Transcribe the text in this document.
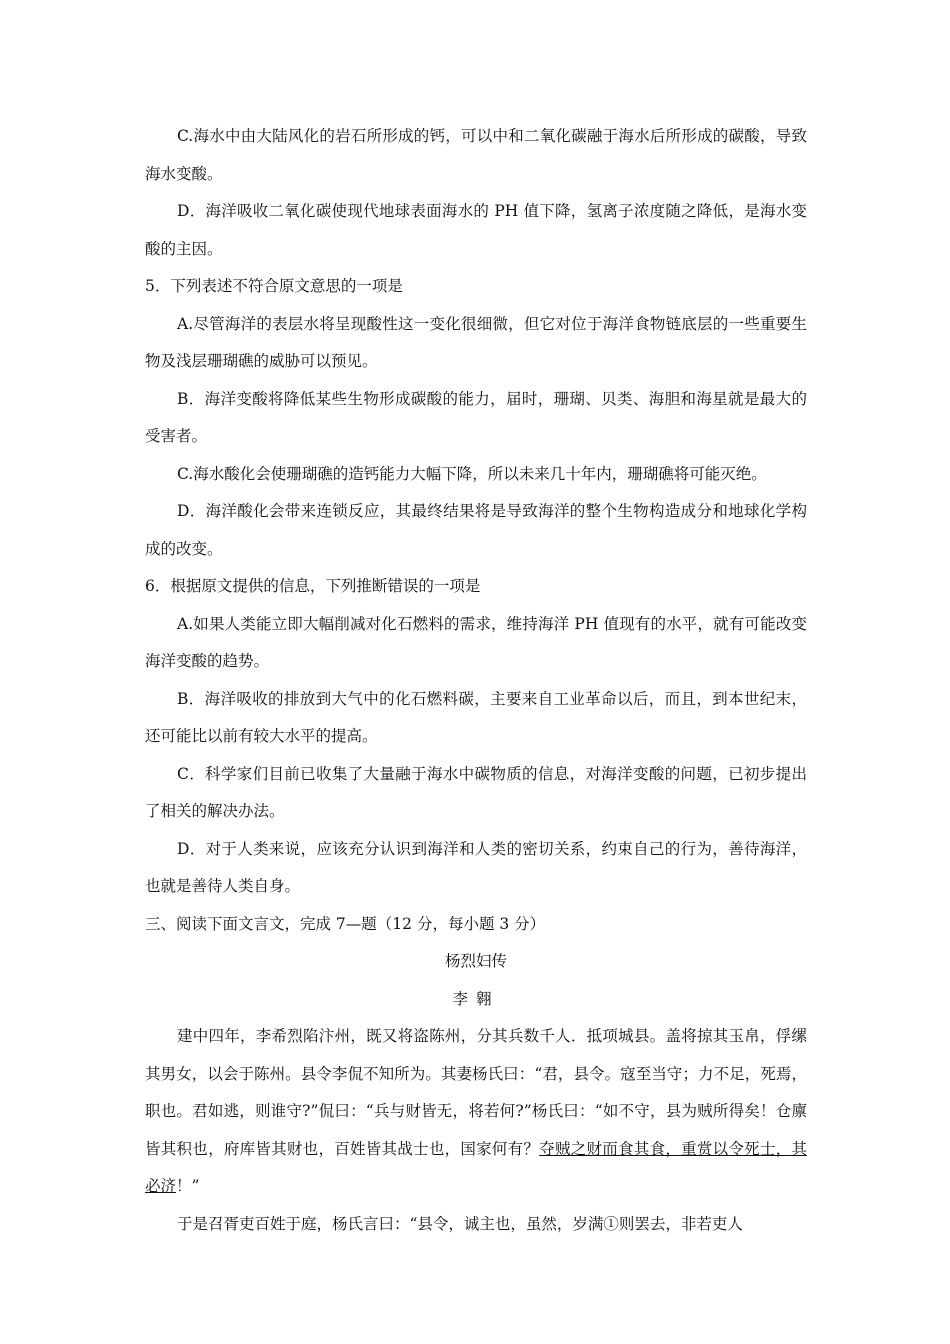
C.海水中由大陆风化的岩石所形成的钙，可以中和二氧化碳融于海水后所形成的碳酸，导致海水变酸。

D．海洋吸收二氧化碳使现代地球表面海水的 PH 值下降，氢离子浓度随之降低，是海水变酸的主因。

5．下列表述不符合原文意思的一项是

A.尽管海洋的表层水将呈现酸性这一变化很细微，但它对位于海洋食物链底层的一些重要生物及浅层珊瑚礁的威胁可以预见。

B．海洋变酸将降低某些生物形成碳酸的能力，届时，珊瑚、贝类、海胆和海星就是最大的受害者。

C.海水酸化会使珊瑚礁的造钙能力大幅下降，所以未来几十年内，珊瑚礁将可能灭绝。

D．海洋酸化会带来连锁反应，其最终结果将是导致海洋的整个生物构造成分和地球化学构成的改变。

6．根据原文提供的信息，下列推断错误的一项是

A.如果人类能立即大幅削减对化石燃料的需求，维持海洋 PH 值现有的水平，就有可能改变海洋变酸的趋势。

B．海洋吸收的排放到大气中的化石燃料碳，主要来自工业革命以后，而且，到本世纪末，还可能比以前有较大水平的提高。

C．科学家们目前已收集了大量融于海水中碳物质的信息，对海洋变酸的问题，已初步提出了相关的解决办法。

D．对于人类来说，应该充分认识到海洋和人类的密切关系，约束自己的行为，善待海洋，也就是善待人类自身。

三、阅读下面文言文，完成 7—题（12 分，每小题 3 分）

杨烈妇传

李翱

建中四年，李希烈陷汴州，既又将盗陈州，分其兵数千人．抵项城县。盖将掠其玉帛，俘缧其男女，以会于陈州。县令李侃不知所为。其妻杨氏曰：“君，县令。寇至当守；力不足，死焉，职也。君如逃，则谁守?”侃曰：“兵与财皆无，将若何?”杨氏曰：“如不守，县为贼所得矣！仓廪皆其积也，府库皆其财也，百姓皆其战士也，国家何有？夺贼之财而食其食，重赏以令死士，其必济！”

于是召胥吏百姓于庭，杨氏言曰：“县令，诚主也，虽然，岁满①则罢去，非若吏人
